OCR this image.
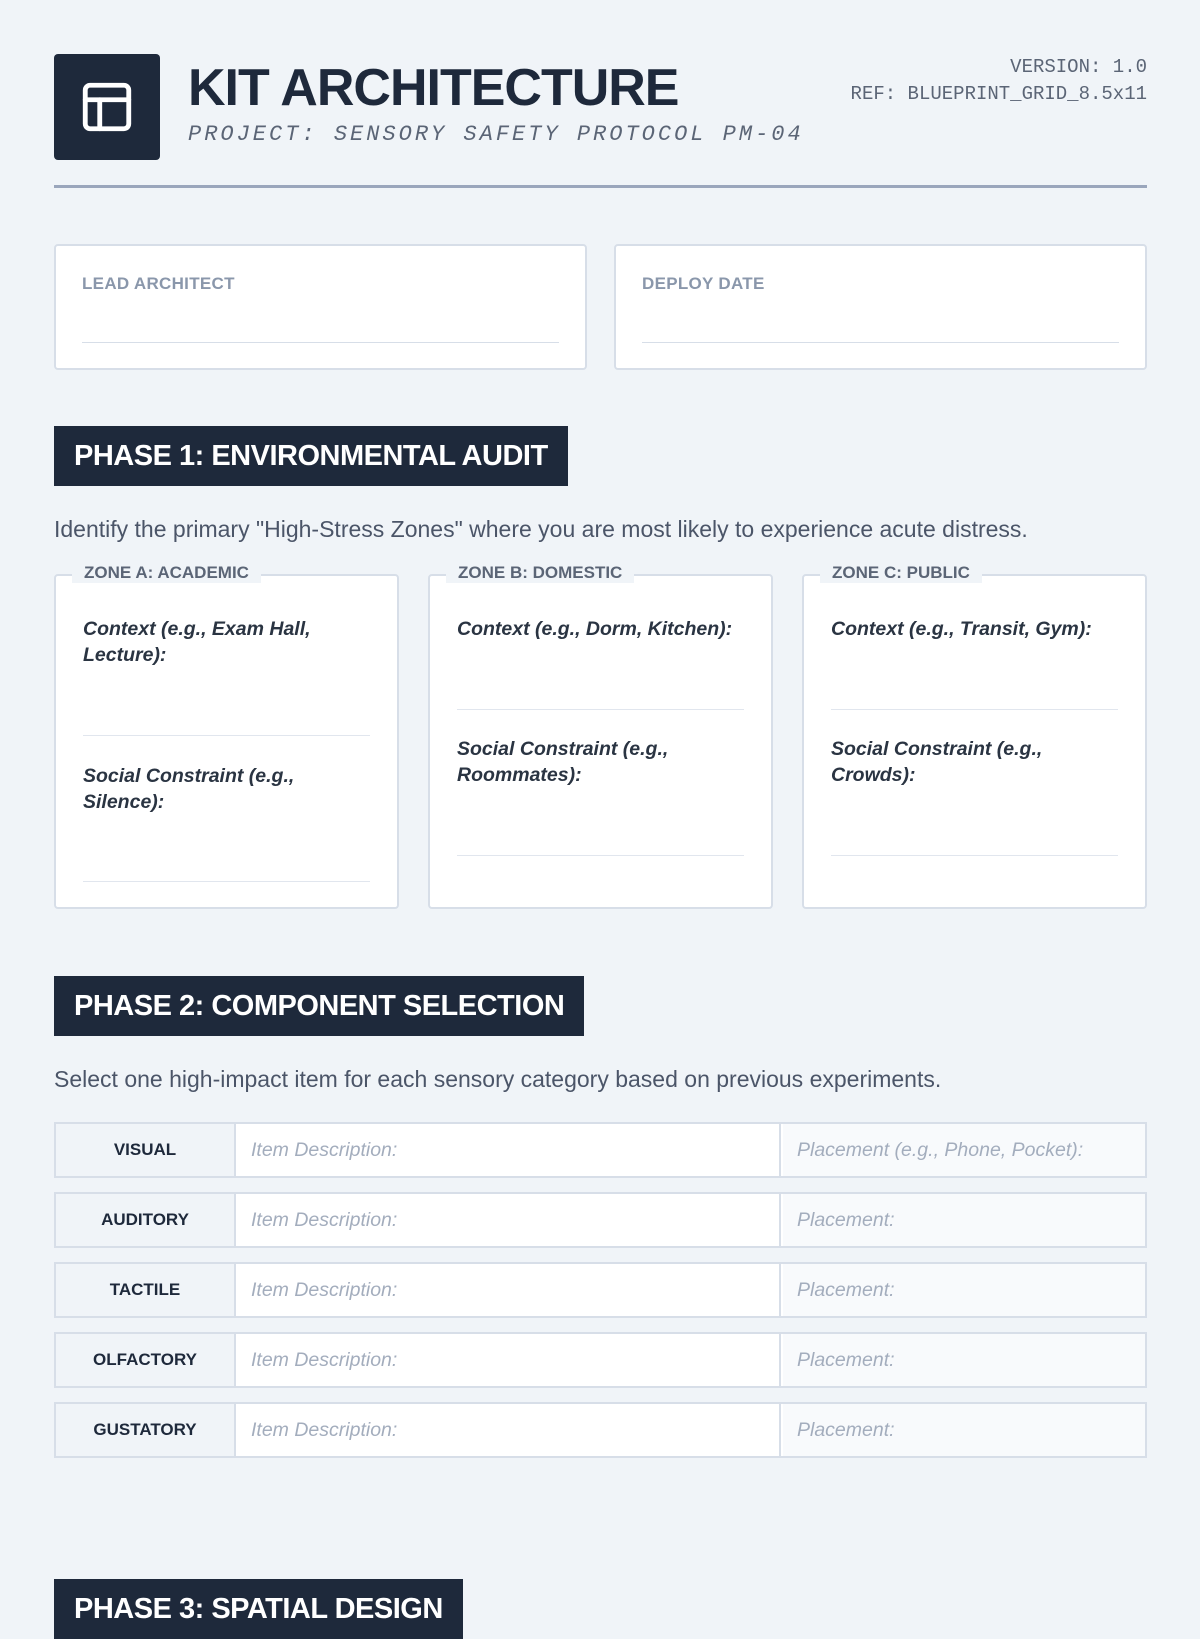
KIT ARCHITECTURE
PROJECT: SENSORY SAFETY PROTOCOL PM-04
VERSION: 1.0
REF: BLUEPRINT_GRID_8.5x11
LEAD ARCHITECT	DEPLOY DATE
PHASE 1: ENVIRONMENTAL AUDIT
Identify the primary "High-Stress Zones" where you are most likely to experience acute distress.
ZONE A: ACADEMIC
Context (e.g., Exam Hall, Lecture):
Social Constraint (e.g., Silence):
ZONE B: DOMESTIC
Context (e.g., Dorm, Kitchen):
Social Constraint (e.g., Roommates):
ZONE C: PUBLIC
Context (e.g., Transit, Gym):
Social Constraint (e.g., Crowds):
PHASE 2: COMPONENT SELECTION
Select one high-impact item for each sensory category based on previous experiments.
VISUAL	Item Description:	Placement (e.g., Phone, Pocket):
AUDITORY	Item Description:	Placement:
TACTILE	Item Description:	Placement:
OLFACTORY	Item Description:	Placement:
GUSTATORY	Item Description:	Placement:
PHASE 3: SPATIAL DESIGN
